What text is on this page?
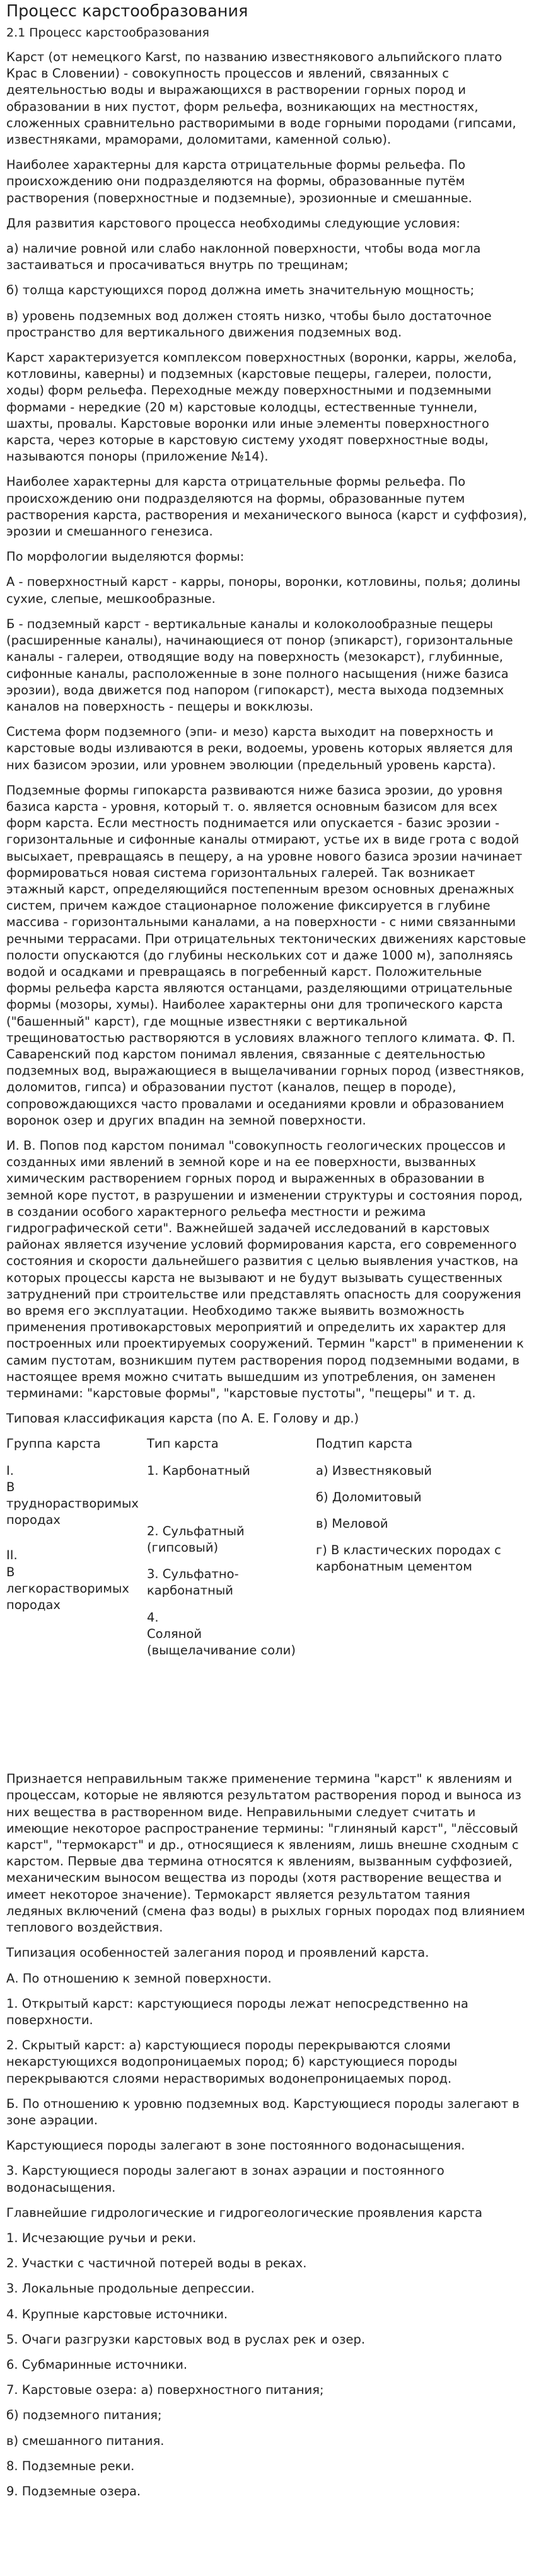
Процесс карстообразования
2.1 Процесс карстообразования

Карст (от немецкого Karst, по названию известнякового альпийского плато Крас в Словении) - совокупность процессов и явлений, связанных с деятельностью воды и выражающихся в растворении горных пород и образовании в них пустот, форм рельефа, возникающих на местностях, сложенных сравнительно растворимыми в воде горными породами (гипсами, известняками, мраморами, доломитами, каменной солью).

Наиболее характерны для карста отрицательные формы рельефа. По происхождению они подразделяются на формы, образованные путём растворения (поверхностные и подземные), эрозионные и смешанные.

Для развития карстового процесса необходимы следующие условия:

а) наличие ровной или слабо наклонной поверхности, чтобы вода могла застаиваться и просачиваться внутрь по трещинам;

б) толща карстующихся пород должна иметь значительную мощность;

в) уровень подземных вод должен стоять низко, чтобы было достаточное пространство для вертикального движения подземных вод.

Карст характеризуется комплексом поверхностных (воронки, карры, желоба, котловины, каверны) и подземных (карстовые пещеры, галереи, полости, ходы) форм рельефа. Переходные между поверхностными и подземными формами - нередкие (20 м) карстовые колодцы, естественные туннели, шахты, провалы. Карстовые воронки или иные элементы поверхностного карста, через которые в карстовую систему уходят поверхностные воды, называются поноры (приложение №14).

Наиболее характерны для карста отрицательные формы рельефа. По происхождению они подразделяются на формы, образованные путем растворения карста, растворения и механического выноса (карст и суффозия), эрозии и смешанного генезиса.

По морфологии выделяются формы:

А - поверхностный карст - карры, поноры, воронки, котловины, полья; долины сухие, слепые, мешкообразные.

Б - подземный карст - вертикальные каналы и колоколообразные пещеры (расширенные каналы), начинающиеся от понор (эпикарст), горизонтальные каналы - галереи, отводящие воду на поверхность (мезокарст), глубинные, сифонные каналы, расположенные в зоне полного насыщения (ниже базиса эрозии), вода движется под напором (гипокарст), места выхода подземных каналов на поверхность - пещеры и вокклюзы.

Система форм подземного (эпи- и мезо) карста выходит на поверхность и карстовые воды изливаются в реки, водоемы, уровень которых является для них базисом эрозии, или уровнем эволюции (предельный уровень карста).

Подземные формы гипокарста развиваются ниже базиса эрозии, до уровня базиса карста - уровня, который т. о. является основным базисом для всех форм карста. Если местность поднимается или опускается - базис эрозии - горизонтальные и сифонные каналы отмирают, устье их в виде грота с водой высыхает, превращаясь в пещеру, а на уровне нового базиса эрозии начинает формироваться новая система горизонтальных галерей. Так возникает этажный карст, определяющийся постепенным врезом основных дренажных систем, причем каждое стационарное положение фиксируется в глубине массива - горизонтальными каналами, а на поверхности - с ними связанными речными террасами. При отрицательных тектонических движениях карстовые полости опускаются (до глубины нескольких сот и даже 1000 м), заполняясь водой и осадками и превращаясь в погребенный карст. Положительные формы рельефа карста являются останцами, разделяющими отрицательные формы (мозоры, хумы). Наиболее характерны они для тропического карста ("башенный" карст), где мощные известняки с вертикальной трещиноватостью растворяются в условиях влажного теплого климата. Ф. П. Саваренский под карстом понимал явления, связанные с деятельностью подземных вод, выражающиеся в выщелачивании горных пород (известняков, доломитов, гипса) и образовании пустот (каналов, пещер в породе), сопровождающихся часто провалами и оседаниями кровли и образованием воронок озер и других впадин на земной поверхности.

И. В. Попов под карстом понимал "совокупность геологических процессов и созданных ими явлений в земной коре и на ее поверхности, вызванных химическим растворением горных пород и выраженных в образовании в земной коре пустот, в разрушении и изменении структуры и состояния пород, в создании особого характерного рельефа местности и режима гидрографической сети". Важнейшей задачей исследований в карстовых районах является изучение условий формирования карста, его современного состояния и скорости дальнейшего развития с целью выявления участков, на которых процессы карста не вызывают и не будут вызывать существенных затруднений при строительстве или представлять опасность для сооружения во время его эксплуатации. Необходимо также выявить возможность применения противокарстовых мероприятий и определить их характер для построенных или проектируемых сооружений. Термин "карст" в применении к самим пустотам, возникшим путем растворения пород подземными водами, в настоящее время можно считать вышедшим из употребления, он заменен терминами: "карстовые формы", "карстовые пустоты", "пещеры" и т. д.

Типовая классификация карста (по А. Е. Голову и др.)

Группа карста

I.
В труднорастворимых породах

II.
В легкорастворимых породах

Тип карста

1. Карбонатный

2. Сульфатный (гипсовый)

3. Сульфатно-карбонатный

4.
Соляной (выщелачивание соли)

Подтип карста

а) Известняковый

б) Доломитовый

в) Меловой

г) В кластических породах с карбонатным цементом

Признается неправильным также применение термина "карст" к явлениям и процессам, которые не являются результатом растворения пород и выноса из них вещества в растворенном виде. Неправильными следует считать и имеющие некоторое распространение термины: "глиняный карст", "лёссовый карст", "термокарст" и др., относящиеся к явлениям, лишь внешне сходным с карстом. Первые два термина относятся к явлениям, вызванным суффозией, механическим выносом вещества из породы (хотя растворение вещества и имеет некоторое значение). Термокарст является результатом таяния ледяных включений (смена фаз воды) в рыхлых горных породах под влиянием теплового воздействия.

Типизация особенностей залегания пород и проявлений карста.

А. По отношению к земной поверхности.

1. Открытый карст: карстующиеся породы лежат непосредственно на поверхности.

2. Скрытый карст: а) карстующиеся породы перекрываются слоями некарстующихся водопроницаемых пород; б) карстующиеся породы перекрываются слоями нерастворимых водонепроницаемых пород.

Б. По отношению к уровню подземных вод. Карстующиеся породы залегают в зоне аэрации.

Карстующиеся породы залегают в зоне постоянного водонасыщения.

3. Карстующиеся породы залегают в зонах аэрации и постоянного водонасыщения.

Главнейшие гидрологические и гидрогеологические проявления карста

1. Исчезающие ручьи и реки.

2. Участки с частичной потерей воды в реках.

3. Локальные продольные депрессии.

4. Крупные карстовые источники.

5. Очаги разгрузки карстовых вод в руслах рек и озер.

6. Субмаринные источники.

7. Карстовые озера: а) поверхностного питания;

б) подземного питания;

в) смешанного питания.

8. Подземные реки.

9. Подземные озера.
